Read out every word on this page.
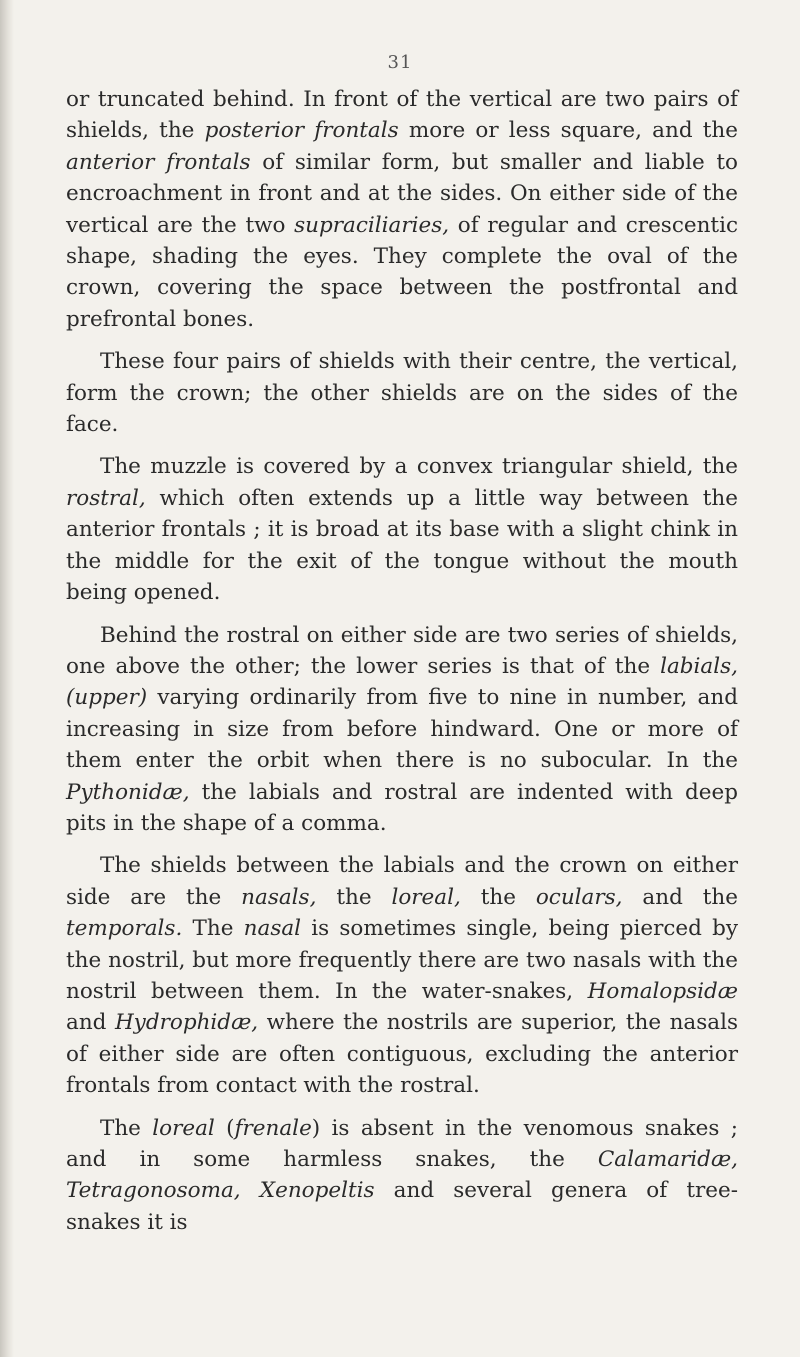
31

or truncated behind. In front of the vertical are two pairs of shields, the posterior frontals more or less square, and the anterior frontals of similar form, but smaller and liable to encroachment in front and at the sides. On either side of the vertical are the two supraciliaries, of regular and crescentic shape, shading the eyes. They complete the oval of the crown, covering the space between the postfrontal and prefrontal bones.

These four pairs of shields with their centre, the vertical, form the crown; the other shields are on the sides of the face.

The muzzle is covered by a convex triangular shield, the rostral, which often extends up a little way between the anterior frontals ; it is broad at its base with a slight chink in the middle for the exit of the tongue without the mouth being opened.

Behind the rostral on either side are two series of shields, one above the other; the lower series is that of the labials, (upper) varying ordinarily from five to nine in number, and increasing in size from before hindward. One or more of them enter the orbit when there is no subocular. In the Pythonidæ, the labials and rostral are indented with deep pits in the shape of a comma.

The shields between the labials and the crown on either side are the nasals, the loreal, the oculars, and the temporals. The nasal is sometimes single, being pierced by the nostril, but more frequently there are two nasals with the nostril between them. In the water-snakes, Homalopsidæ and Hydrophidæ, where the nostrils are superior, the nasals of either side are often contiguous, excluding the anterior frontals from contact with the rostral.

The loreal (frenale) is absent in the venomous snakes ; and in some harmless snakes, the Calamaridæ, Tetragonosoma, Xenopeltis and several genera of tree-snakes it is
